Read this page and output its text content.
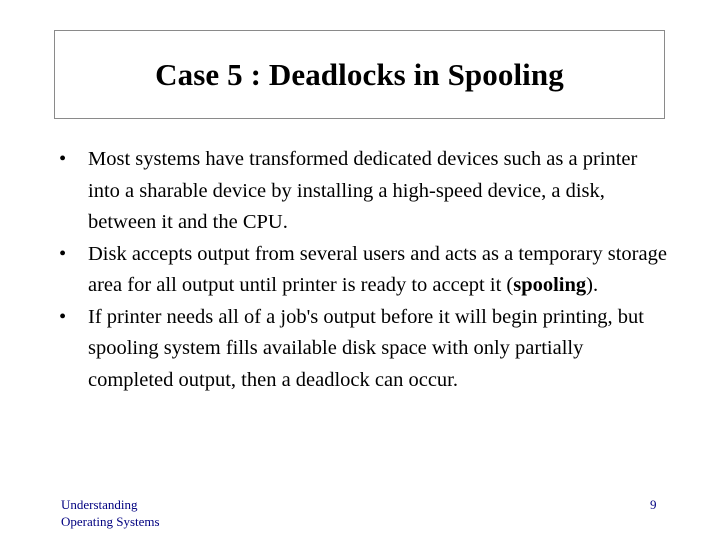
Case 5 : Deadlocks in Spooling
•	Most systems have transformed dedicated devices such as a printer into a sharable device by installing a high-speed device, a disk, between it and the CPU.
•	Disk accepts output from several users and acts as a temporary storage area for all output until printer is ready to accept it (spooling).
•	If printer needs all of a job's output before it will begin printing, but spooling system fills available disk space with only partially completed output, then a deadlock can occur.
Understanding
Operating Systems
9
